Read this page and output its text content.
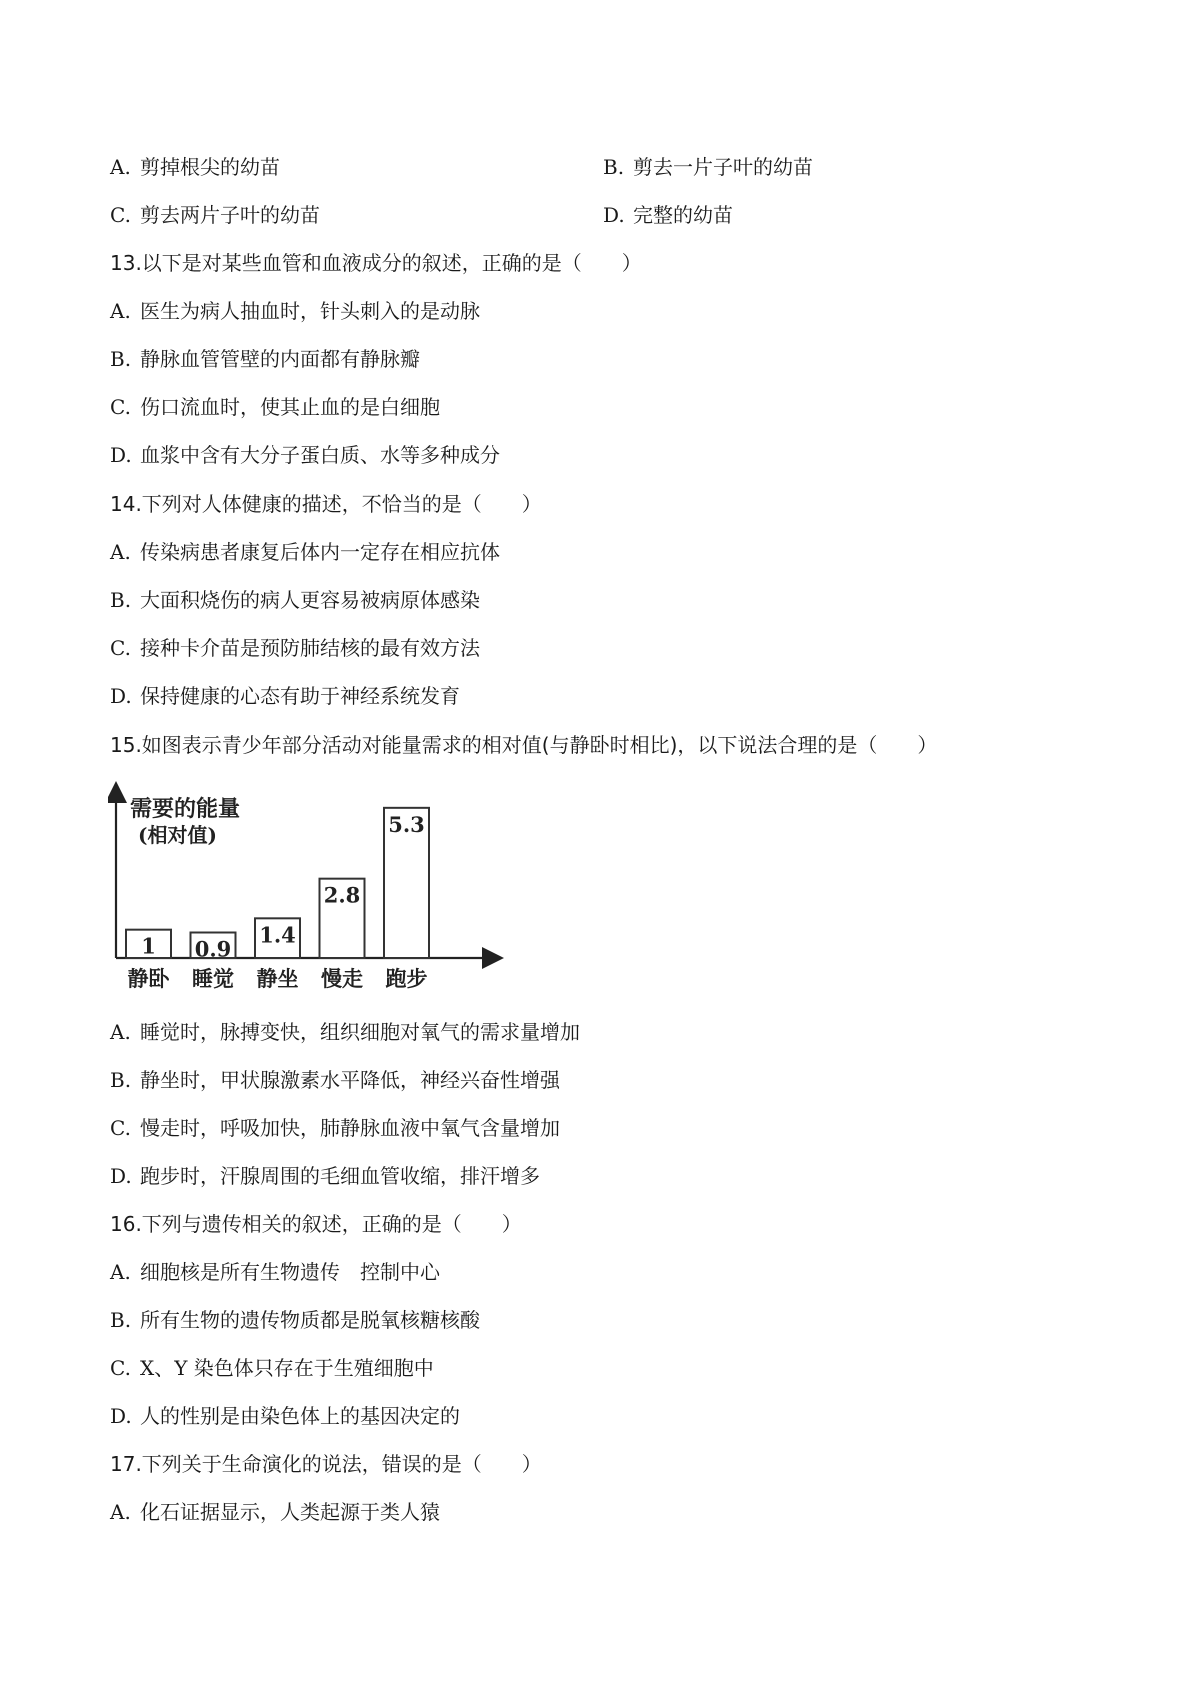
A. 剪掉根尖的幼苗	B. 剪去一片子叶的幼苗
C. 剪去两片子叶的幼苗	D. 完整的幼苗
13.以下是对某些血管和血液成分的叙述，正确的是（　　）
A. 医生为病人抽血时，针头刺入的是动脉
B. 静脉血管管壁的内面都有静脉瓣
C. 伤口流血时，使其止血的是白细胞
D. 血浆中含有大分子蛋白质、水等多种成分
14.下列对人体健康的描述，不恰当的是（　　）
A. 传染病患者康复后体内一定存在相应抗体
B. 大面积烧伤的病人更容易被病原体感染
C. 接种卡介苗是预防肺结核的最有效方法
D. 保持健康的心态有助于神经系统发育
15.如图表示青少年部分活动对能量需求的相对值(与静卧时相比)，以下说法合理的是（　　）
需要的能量
(相对值)
1
静卧
0.9
睡觉
1.4
静坐
2.8
慢走
5.3
跑步
A. 睡觉时，脉搏变快，组织细胞对氧气的需求量增加
B. 静坐时，甲状腺激素水平降低，神经兴奋性增强
C. 慢走时，呼吸加快，肺静脉血液中氧气含量增加
D. 跑步时，汗腺周围的毛细血管收缩，排汗增多
16.下列与遗传相关的叙述，正确的是（　　）
A. 细胞核是所有生物遗传　控制中心
B. 所有生物的遗传物质都是脱氧核糖核酸
C. X、Y 染色体只存在于生殖细胞中
D. 人的性别是由染色体上的基因决定的
17.下列关于生命演化的说法，错误的是（　　）
A. 化石证据显示，人类起源于类人猿
